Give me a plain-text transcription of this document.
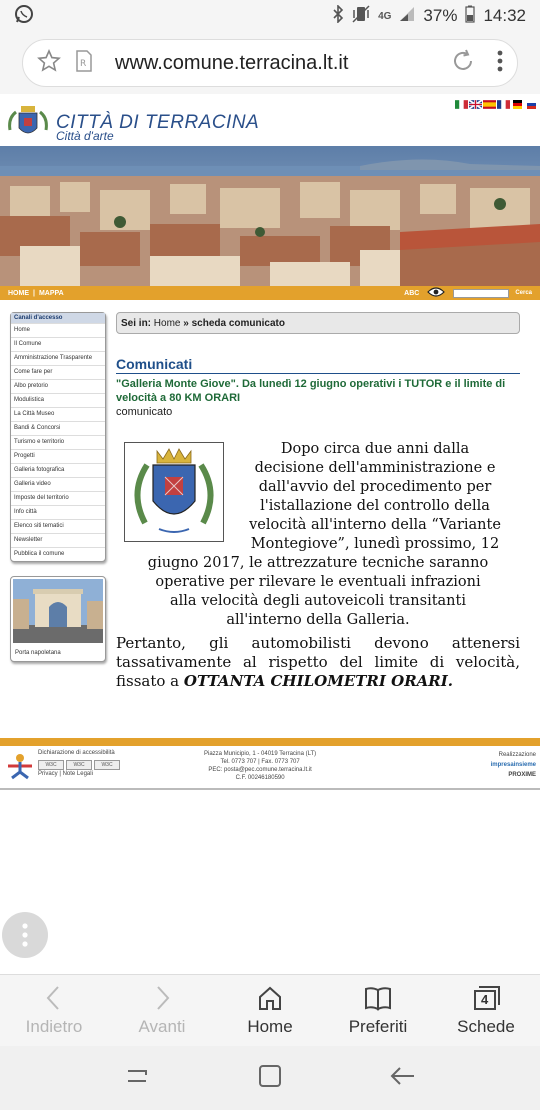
4G 37% 14:32
R www.comune.terracina.lt.it
CITTÀ DI TERRACINA
Città d'arte
HOME | MAPPA	ABC	Cerca
Canali d'accesso
Home
Il Comune
Amministrazione Trasparente
Come fare per
Albo pretorio
Modulistica
La Città Museo
Bandi & Concorsi
Turismo e territorio
Progetti
Galleria fotografica
Galleria video
Imposte del territorio
Info città
Elenco siti tematici
Newsletter
Pubblica il comune
Porta napoletana
Sei in:
Home
»
scheda comunicato
Comunicati
"Galleria Monte Giove". Da lunedì 12 giugno operativi i TUTOR e il limite di velocità a 80 KM ORARI
comunicato
Dopo circa due anni dalla
decisione dell'amministrazione e
dall'avvio del procedimento per
l'istallazione del controllo della
velocità all'interno della “Variante
Montegiove”, lunedì prossimo, 12
giugno 2017, le attrezzature tecniche saranno
operative per rilevare le eventuali infrazioni
alla velocità degli autoveicoli transitanti
all'interno della Galleria.
Pertanto, gli automobilisti devono attenersi tassativamente al rispetto del limite di velocità, fissato a OTTANTA CHILOMETRI ORARI.
Dichiarazione di accessibilità
W3C	W3C	W3C
Privacy | Note Legali
Piazza Municipio, 1 - 04019 Terracina (LT)
Tel. 0773 707 | Fax. 0773 707
PEC: posta@pec.comune.terracina.lt.it
C.F. 00246180590
Realizzazione
impresainsieme
PROXIME
Indietro	Avanti	Home	Preferiti
4
Schede
